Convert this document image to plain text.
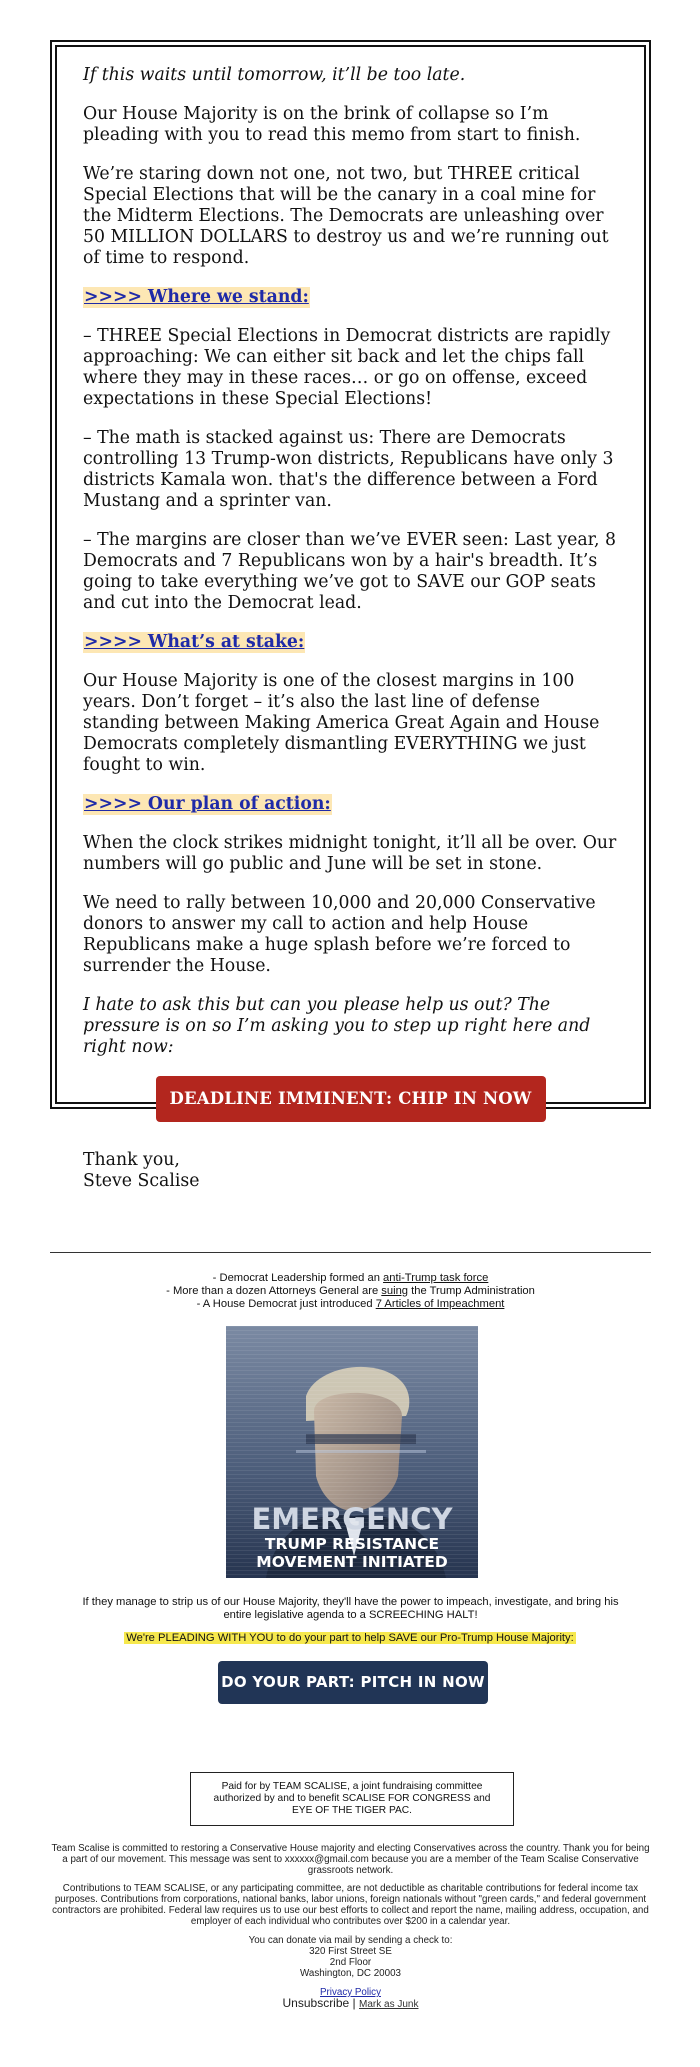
If this waits until tomorrow, it’ll be too late.

Our House Majority is on the brink of collapse so I’m pleading with you to read this memo from start to finish.

We’re staring down not one, not two, but THREE critical Special Elections that will be the canary in a coal mine for the Midterm Elections. The Democrats are unleashing over 50 MILLION DOLLARS to destroy us and we’re running out of time to respond.

>>>> Where we stand:

– THREE Special Elections in Democrat districts are rapidly approaching: We can either sit back and let the chips fall where they may in these races… or go on offense, exceed expectations in these Special Elections!

– The math is stacked against us: There are Democrats controlling 13 Trump-won districts, Republicans have only 3 districts Kamala won. that's the difference between a Ford Mustang and a sprinter van.

– The margins are closer than we’ve EVER seen: Last year, 8 Democrats and 7 Republicans won by a hair's breadth. It’s going to take everything we’ve got to SAVE our GOP seats and cut into the Democrat lead.

>>>> What’s at stake:

Our House Majority is one of the closest margins in 100 years. Don’t forget – it’s also the last line of defense standing between Making America Great Again and House Democrats completely dismantling EVERYTHING we just fought to win.

>>>> Our plan of action:

When the clock strikes midnight tonight, it’ll all be over. Our numbers will go public and June will be set in stone.

We need to rally between 10,000 and 20,000 Conservative donors to answer my call to action and help House Republicans make a huge splash before we’re forced to surrender the House.

I hate to ask this but can you please help us out? The pressure is on so I’m asking you to step up right here and right now:

DEADLINE IMMINENT: CHIP IN NOW
Thank you,
Steve Scalise
- Democrat Leadership formed an anti-Trump task force
- More than a dozen Attorneys General are suing the Trump Administration
- A House Democrat just introduced 7 Articles of Impeachment
EMERGENCY
TRUMP RESISTANCE
MOVEMENT INITIATED
If they manage to strip us of our House Majority, they'll have the power to impeach, investigate, and bring his entire legislative agenda to a SCREECHING HALT!
We're PLEADING WITH YOU to do your part to help SAVE our Pro-Trump House Majority:
DO YOUR PART: PITCH IN NOW
Paid for by TEAM SCALISE, a joint fundraising committee
authorized by and to benefit SCALISE FOR CONGRESS and
EYE OF THE TIGER PAC.
Team Scalise is committed to restoring a Conservative House majority and electing Conservatives across the country. Thank you for being a part of our movement. This message was sent to xxxxxx@gmail.com because you are a member of the Team Scalise Conservative grassroots network.
Contributions to TEAM SCALISE, or any participating committee, are not deductible as charitable contributions for federal income tax purposes. Contributions from corporations, national banks, labor unions, foreign nationals without "green cards," and federal government contractors are prohibited. Federal law requires us to use our best efforts to collect and report the name, mailing address, occupation, and employer of each individual who contributes over $200 in a calendar year.
You can donate via mail by sending a check to:
320 First Street SE
2nd Floor
Washington, DC 20003
Privacy Policy
Unsubscribe | Mark as Junk
